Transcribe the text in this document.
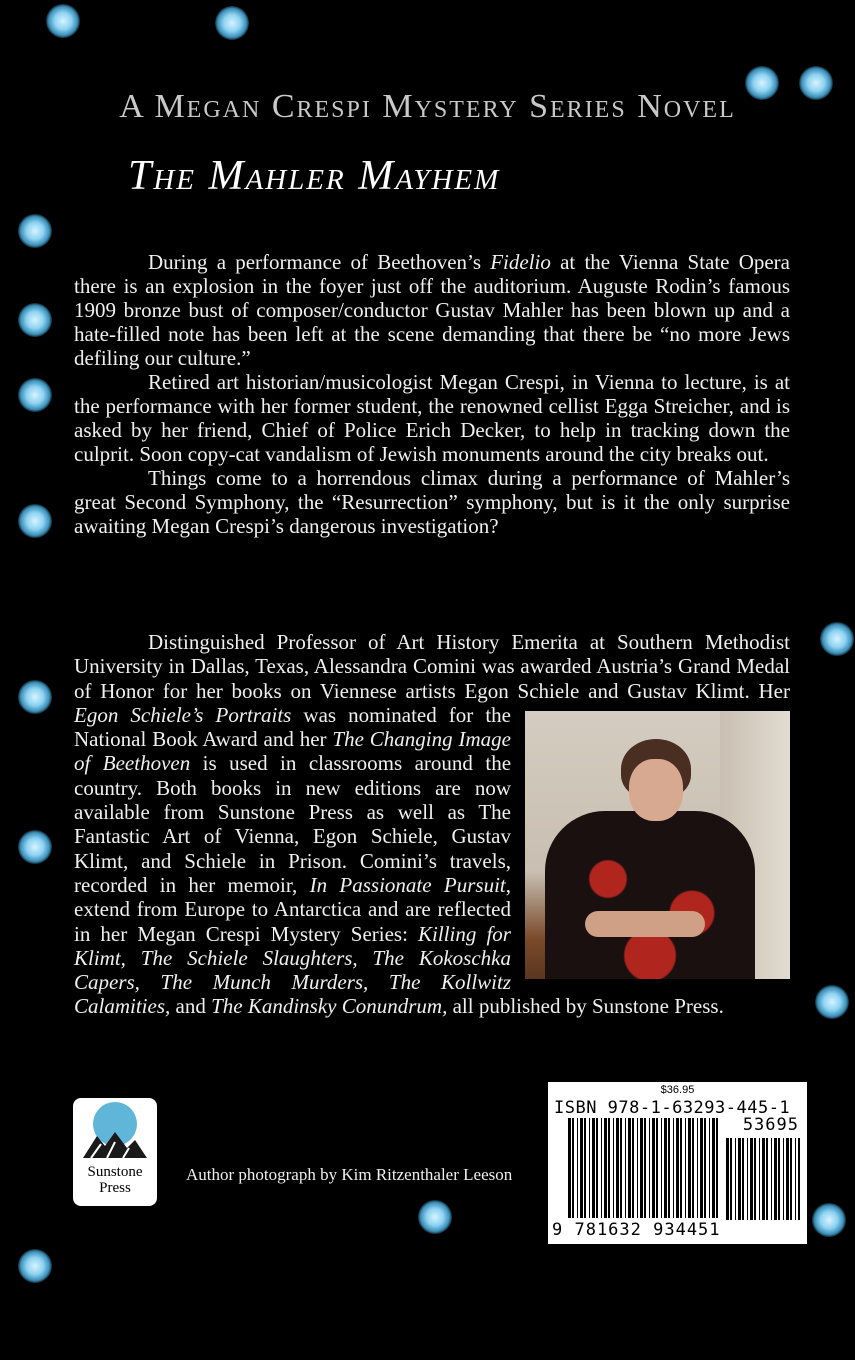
A Megan Crespi Mystery Series Novel
The Mahler Mayhem

During a performance of Beethoven’s Fidelio at the Vienna State Opera there is an explosion in the foyer just off the auditorium. Auguste Rodin’s famous 1909 bronze bust of composer/conductor Gustav Mahler has been blown up and a hate-filled note has been left at the scene demanding that there be “no more Jews defiling our culture.”

Retired art historian/musicologist Megan Crespi, in Vienna to lecture, is at the performance with her former student, the renowned cellist Egga Streicher, and is asked by her friend, Chief of Police Erich Decker, to help in tracking down the culprit. Soon copy-cat vandalism of Jewish monuments around the city breaks out.

Things come to a horrendous climax during a performance of Mahler’s great Second Symphony, the “Resurrection” symphony, but is it the only surprise awaiting Megan Crespi’s dangerous investigation?

Distinguished Professor of Art History Emerita at Southern Methodist University in Dallas, Texas, Alessandra Comini was awarded Austria’s Grand Medal of Honor for her books on Viennese artists Egon Schiele and Gustav Klimt. Her
Egon Schiele’s Portraits was nominated for the National Book Award and her The Changing Image of Beethoven is used in classrooms around the country. Both books in new editions are now available from Sunstone Press as well as The Fantastic Art of Vienna, Egon Schiele, Gustav Klimt, and Schiele in Prison. Comini’s travels, recorded in her memoir, In Passionate Pursuit, extend from Europe to Antarctica and are reflected in her Megan Crespi Mystery Series: Killing for Klimt, The Schiele Slaughters, The Kokoschka Capers, The Munch Murders, The Kollwitz Calamities, and The Kandinsky Conundrum, all published by Sunstone Press.

Sunstone
Press
Author photograph by Kim Ritzenthaler Leeson
$36.95
ISBN 978-1-63293-445-1
53695
9 781632 934451
